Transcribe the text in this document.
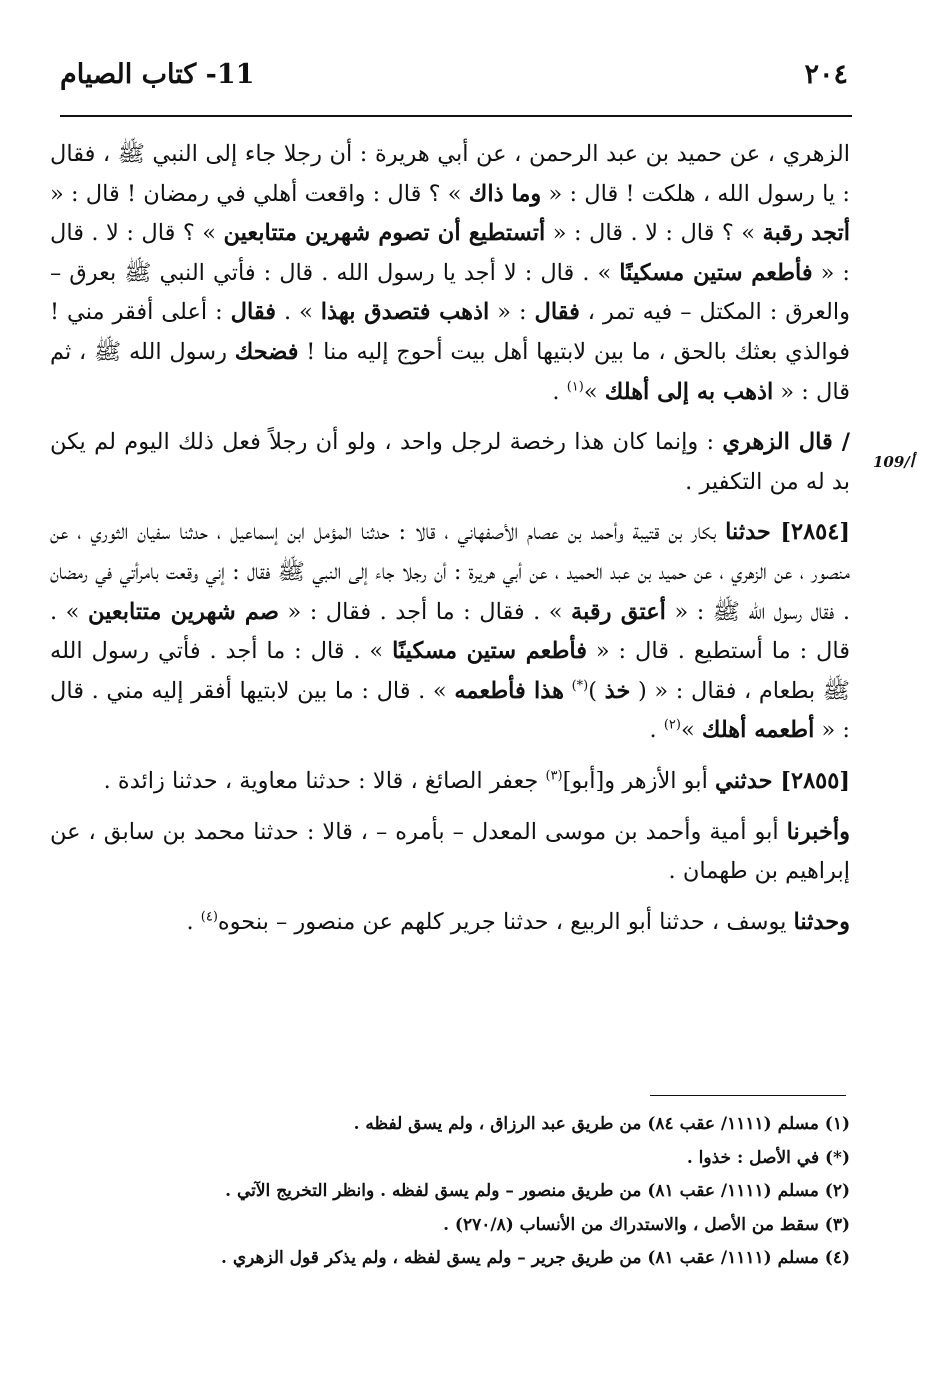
٢٠٤
11- كتاب الصيام
109/أ

الزهري ، عن حميد بن عبد الرحمن ، عن أبي هريرة : أن رجلا جاء إلى النبي ﷺ ، فقال : يا رسول الله ، هلكت ! قال : « وما ذاك » ؟ قال : واقعت أهلي في رمضان ! قال : « أتجد رقبة » ؟ قال : لا . قال : « أتستطيع أن تصوم شهرين متتابعين » ؟ قال : لا . قال : « فأطعم ستين مسكينًا » . قال : لا أجد يا رسول الله . قال : فأتي النبي ﷺ بعرق – والعرق : المكتل – فيه تمر ، فقال : « اذهب فتصدق بهذا » . فقال : أعلى أفقر مني ! فوالذي بعثك بالحق ، ما بين لابتيها أهل بيت أحوج إليه منا ! فضحك رسول الله ﷺ ، ثم قال : « اذهب به إلى أهلك »$^{(١)}$ .

/ قال الزهري : وإنما كان هذا رخصة لرجل واحد ، ولو أن رجلاً فعل ذلك اليوم لم يكن بد له من التكفير .

[٢٨٥٤] حدثنا بكار بن قتيبة وأحمد بن عصام الأصفهاني ، قالا : حدثنا المؤمل ابن إسماعيل ، حدثنا سفيان الثوري ، عن منصور ، عن الزهري ، عن حميد بن عبد الحميد ، عن أبي هريرة : أن رجلا جاء إلى النبي ﷺ فقال : إني وقعت بامرأتي في رمضان . فقال رسول الله ﷺ : « أعتق رقبة » . فقال : ما أجد . فقال : « صم شهرين متتابعين » . قال : ما أستطيع . قال : « فأطعم ستين مسكينًا » . قال : ما أجد . فأتي رسول الله ﷺ بطعام ، فقال : « ( خذ )(*) هذا فأطعمه » . قال : ما بين لابتيها أفقر إليه مني . قال : « أطعمه أهلك »$^{(٢)}$ .

[٢٨٥٥] حدثني أبو الأزهر و[أبو]$^{(٣)}$ جعفر الصائغ ، قالا : حدثنا معاوية ، حدثنا زائدة .

وأخبرنا أبو أمية وأحمد بن موسى المعدل – بأمره – ، قالا : حدثنا محمد بن سابق ، عن إبراهيم بن طهمان .

وحدثنا يوسف ، حدثنا أبو الربيع ، حدثنا جرير كلهم عن منصور – بنحوه$^{(٤)}$ .

(١) مسلم (١١١١/ عقب ٨٤) من طريق عبد الرزاق ، ولم يسق لفظه .

(*) في الأصل : خذوا .

(٢) مسلم (١١١١/ عقب ٨١) من طريق منصور – ولم يسق لفظه . وانظر التخريج الآتي .

(٣) سقط من الأصل ، والاستدراك من الأنساب (٢٧٠/٨) .

(٤) مسلم (١١١١/ عقب ٨١) من طريق جرير – ولم يسق لفظه ، ولم يذكر قول الزهري .
